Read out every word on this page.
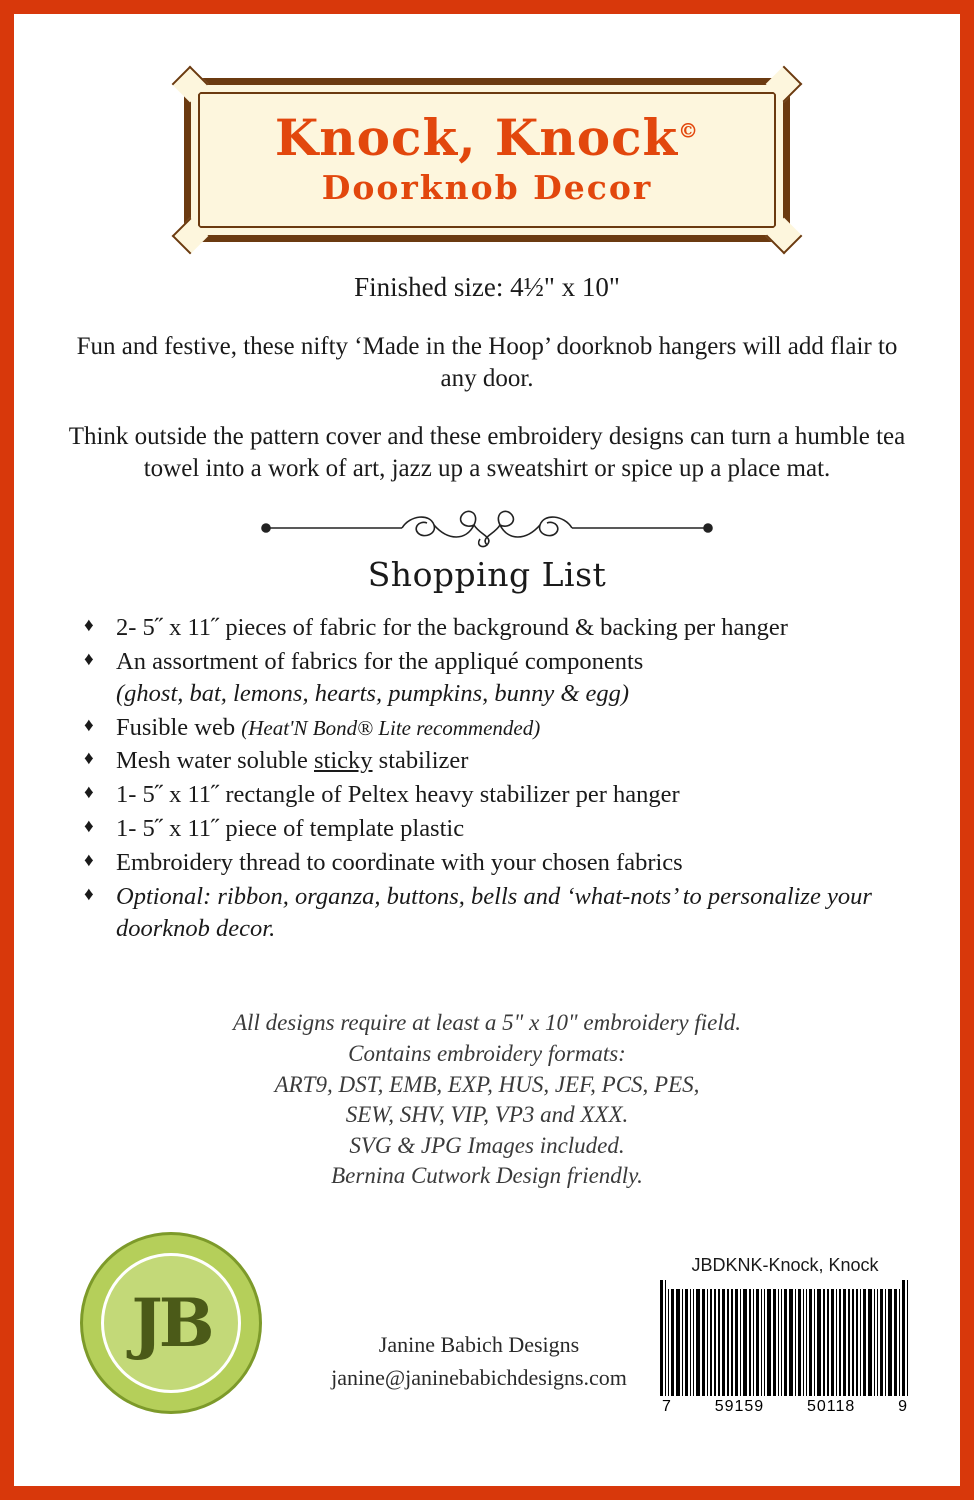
Knock, Knock©
Doorknob Decor
Finished size: 4½" x 10"
Fun and festive, these nifty ‘Made in the Hoop’ doorknob hangers will add flair to any door.
Think outside the pattern cover and these embroidery designs can turn a humble tea towel into a work of art, jazz up a sweatshirt or spice up a place mat.
Shopping List
♦ 2- 5˝ x 11˝ pieces of fabric for the background & backing per hanger
♦ An assortment of fabrics for the appliqué components
(ghost, bat, lemons, hearts, pumpkins, bunny & egg)
♦ Fusible web (Heat'N Bond® Lite recommended)
♦ Mesh water soluble sticky stabilizer
♦ 1- 5˝ x 11˝ rectangle of Peltex heavy stabilizer per hanger
♦ 1- 5˝ x 11˝ piece of template plastic
♦ Embroidery thread to coordinate with your chosen fabrics
♦ Optional: ribbon, organza, buttons, bells and ‘what-nots’ to personalize your doorknob decor.
All designs require at least a 5" x 10" embroidery field.
Contains embroidery formats:
ART9, DST, EMB, EXP, HUS, JEF, PCS, PES,
SEW, SHV, VIP, VP3 and XXX.
SVG & JPG Images included.
Bernina Cutwork Design friendly.
JB	Janine Babich Designs
janine@janinebabichdesigns.com
JBDKNK-Knock, Knock
7	59159	50118	9
